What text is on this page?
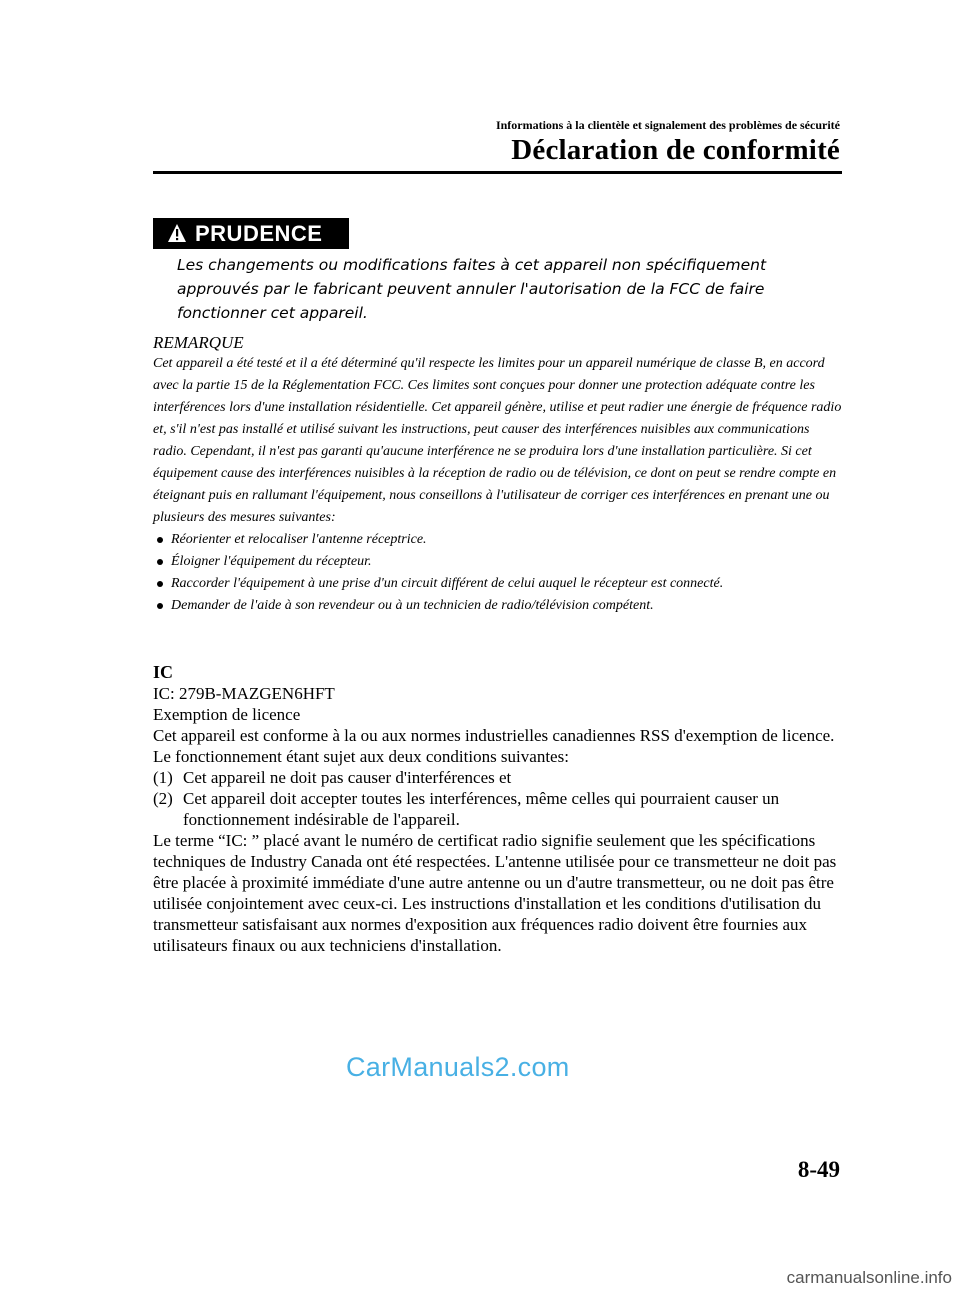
Informations à la clientèle et signalement des problèmes de sécurité
Déclaration de conformité
PRUDENCE
Les changements ou modifications faites à cet appareil non spécifiquement approuvés par le fabricant peuvent annuler l'autorisation de la FCC de faire fonctionner cet appareil.
REMARQUE

Cet appareil a été testé et il a été déterminé qu'il respecte les limites pour un appareil numérique de classe B, en accord avec la partie 15 de la Réglementation FCC. Ces limites sont conçues pour donner une protection adéquate contre les interférences lors d'une installation résidentielle. Cet appareil génère, utilise et peut radier une énergie de fréquence radio et, s'il n'est pas installé et utilisé suivant les instructions, peut causer des interférences nuisibles aux communications radio. Cependant, il n'est pas garanti qu'aucune interférence ne se produira lors d'une installation particulière. Si cet équipement cause des interférences nuisibles à la réception de radio ou de télévision, ce dont on peut se rendre compte en éteignant puis en rallumant l'équipement, nous conseillons à l'utilisateur de corriger ces interférences en prenant une ou plusieurs des mesures suivantes:

Réorienter et relocaliser l'antenne réceptrice.
Éloigner l'équipement du récepteur.
Raccorder l'équipement à une prise d'un circuit différent de celui auquel le récepteur est connecté.
Demander de l'aide à son revendeur ou à un technicien de radio/télévision compétent.

IC

IC: 279B-MAZGEN6HFT

Exemption de licence

Cet appareil est conforme à la ou aux normes industrielles canadiennes RSS d'exemption de licence. Le fonctionnement étant sujet aux deux conditions suivantes:

(1) Cet appareil ne doit pas causer d'interférences et
(2) Cet appareil doit accepter toutes les interférences, même celles qui pourraient causer un fonctionnement indésirable de l'appareil.

Le terme “IC: ” placé avant le numéro de certificat radio signifie seulement que les spécifications techniques de Industry Canada ont été respectées. L'antenne utilisée pour ce transmetteur ne doit pas être placée à proximité immédiate d'une autre antenne ou un d'autre transmetteur, ou ne doit pas être utilisée conjointement avec ceux-ci. Les instructions d'installation et les conditions d'utilisation du transmetteur satisfaisant aux normes d'exposition aux fréquences radio doivent être fournies aux utilisateurs finaux ou aux techniciens d'installation.

CarManuals2.com
8-49
carmanualsonline.info
